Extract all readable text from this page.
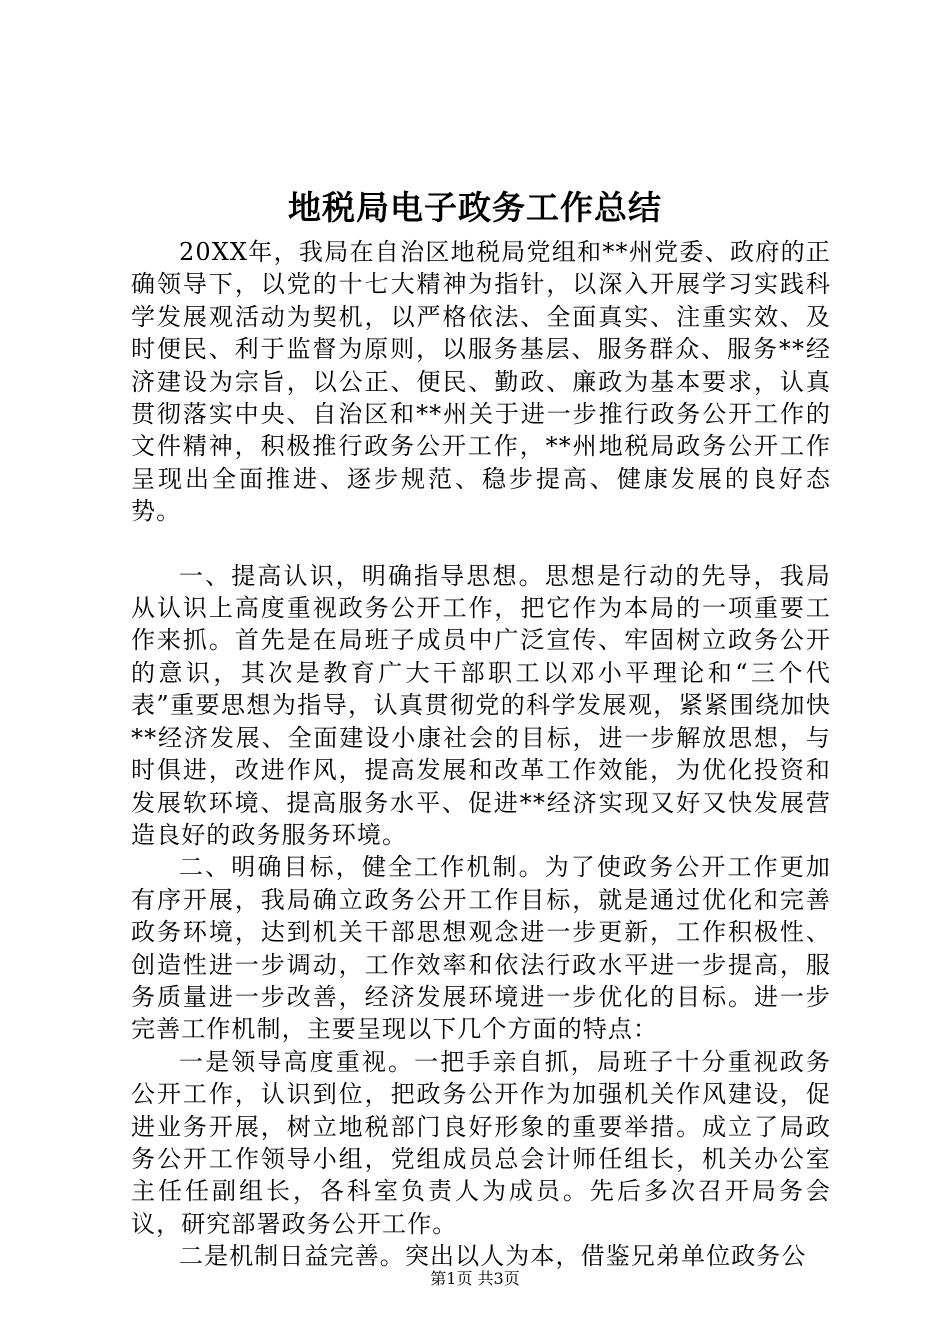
地税局电子政务工作总结

20XX年，我局在自治区地税局党组和**州党委、政府的正确领导下，以党的十七大精神为指针，以深入开展学习实践科学发展观活动为契机，以严格依法、全面真实、注重实效、及时便民、利于监督为原则，以服务基层、服务群众、服务**经济建设为宗旨，以公正、便民、勤政、廉政为基本要求，认真贯彻落实中央、自治区和**州关于进一步推行政务公开工作的文件精神，积极推行政务公开工作，**州地税局政务公开工作呈现出全面推进、逐步规范、稳步提高、健康发展的良好态势。

一、提高认识，明确指导思想。思想是行动的先导，我局从认识上高度重视政务公开工作，把它作为本局的一项重要工作来抓。首先是在局班子成员中广泛宣传、牢固树立政务公开的意识，其次是教育广大干部职工以邓小平理论和“三个代表”重要思想为指导，认真贯彻党的科学发展观，紧紧围绕加快**经济发展、全面建设小康社会的目标，进一步解放思想，与时俱进，改进作风，提高发展和改革工作效能，为优化投资和发展软环境、提高服务水平、促进**经济实现又好又快发展营造良好的政务服务环境。

二、明确目标，健全工作机制。为了使政务公开工作更加有序开展，我局确立政务公开工作目标，就是通过优化和完善政务环境，达到机关干部思想观念进一步更新，工作积极性、创造性进一步调动，工作效率和依法行政水平进一步提高，服务质量进一步改善，经济发展环境进一步优化的目标。进一步完善工作机制，主要呈现以下几个方面的特点：

一是领导高度重视。一把手亲自抓，局班子十分重视政务公开工作，认识到位，把政务公开作为加强机关作风建设，促进业务开展，树立地税部门良好形象的重要举措。成立了局政务公开工作领导小组，党组成员总会计师任组长，机关办公室主任任副组长，各科室负责人为成员。先后多次召开局务会议，研究部署政务公开工作。

二是机制日益完善。突出以人为本，借鉴兄弟单位政务公

第1页 共3页
